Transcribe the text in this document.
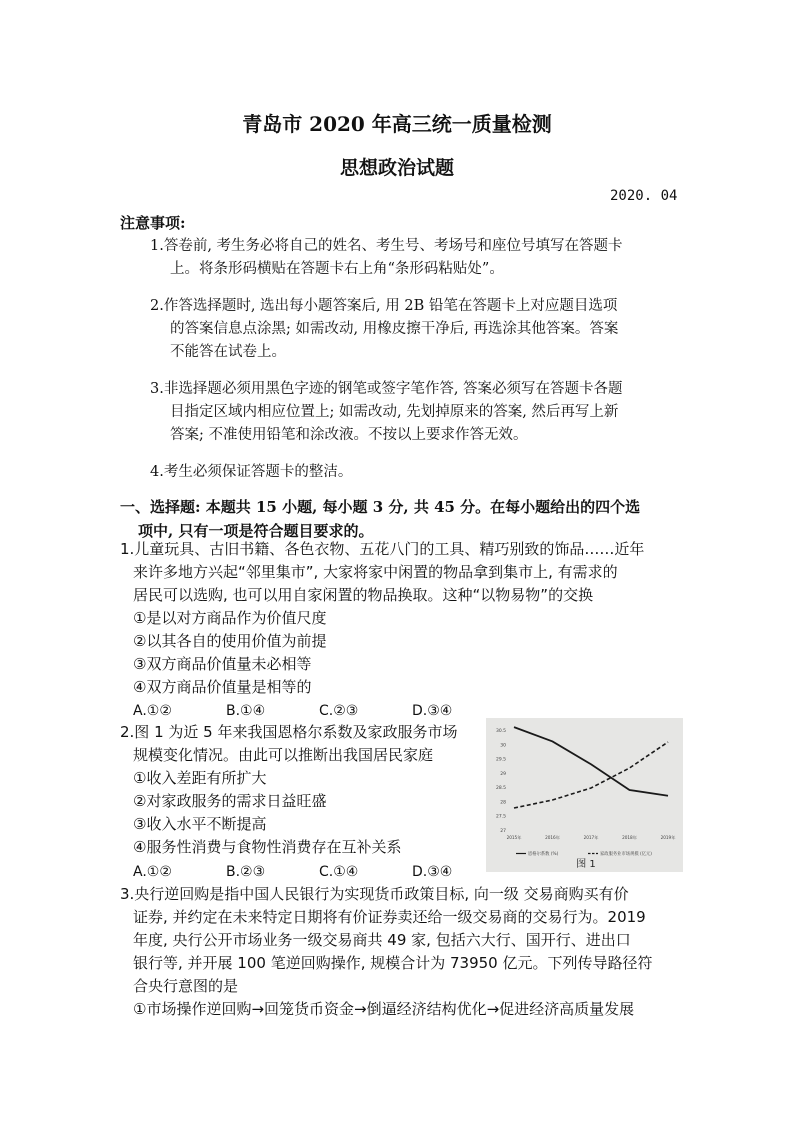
青岛市 2020 年高三统一质量检测
思想政治试题
2020. 04
注意事项:
1.答卷前, 考生务必将自己的姓名、考生号、考场号和座位号填写在答题卡
上。将条形码横贴在答题卡右上角“条形码粘贴处”。
2.作答选择题时, 选出每小题答案后, 用 2B 铅笔在答题卡上对应题目选项
的答案信息点涂黑; 如需改动, 用橡皮擦干净后, 再选涂其他答案。答案
不能答在试卷上。
3.非选择题必须用黑色字迹的钢笔或签字笔作答, 答案必须写在答题卡各题
目指定区域内相应位置上; 如需改动, 先划掉原来的答案, 然后再写上新
答案; 不准使用铅笔和涂改液。不按以上要求作答无效。
4.考生必须保证答题卡的整洁。
一、选择题: 本题共 15 小题, 每小题 3 分, 共 45 分。在每小题给出的四个选
项中, 只有一项是符合题目要求的。
1.儿童玩具、古旧书籍、各色衣物、五花八门的工具、精巧别致的饰品……近年
来许多地方兴起“邻里集市”, 大家将家中闲置的物品拿到集市上, 有需求的
居民可以选购, 也可以用自家闲置的物品换取。这种“以物易物”的交换
①是以对方商品作为价值尺度
②以其各自的使用价值为前提
③双方商品价值量未必相等
④双方商品价值量是相等的
A.①②	B.①④	C.②③	D.③④
2.图 1 为近 5 年来我国恩格尔系数及家政服务市场
规模变化情况。由此可以推断出我国居民家庭
①收入差距有所扩大
②对家政服务的需求日益旺盛
③收入水平不断提高
④服务性消费与食物性消费存在互补关系
A.①②	B.②③	C.①④	D.③④
30.5
30
29.5
29
28.5
28
27.5
27
2015年	2016年	2017年	2018年	2019年
恩格尔系数 (%)	家政服务业市场规模 (亿元)
图 1
3.央行逆回购是指中国人民银行为实现货币政策目标, 向一级 交易商购买有价
证券, 并约定在未来特定日期将有价证券卖还给一级交易商的交易行为。2019
年度, 央行公开市场业务一级交易商共 49 家, 包括六大行、国开行、进出口
银行等, 并开展 100 笔逆回购操作, 规模合计为 73950 亿元。下列传导路径符
合央行意图的是
①市场操作逆回购→回笼货币资金→倒逼经济结构优化→促进经济高质量发展
